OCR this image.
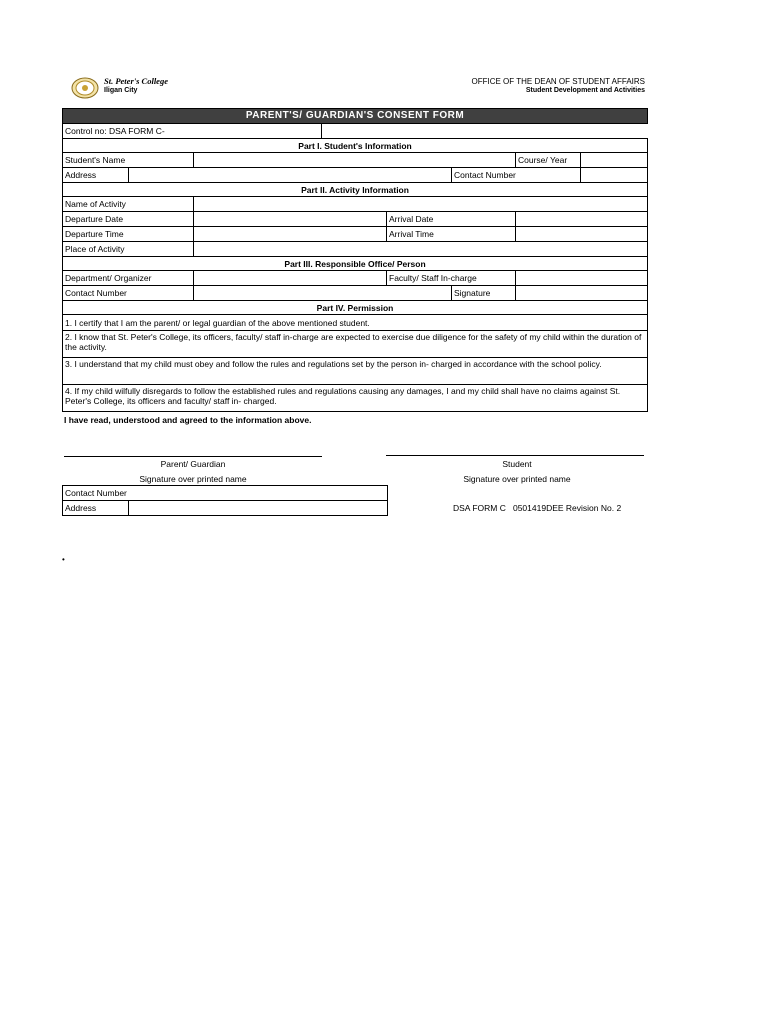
St. Peter's College
Iligan City
OFFICE OF THE DEAN OF STUDENT AFFAIRS
Student Development and Activities
PARENT'S/ GUARDIAN'S CONSENT FORM							
Control no: DSA FORM C-							
Part I. Student's Information							
Student's Name						Course/ Year	
Address					Contact Number		
Part II. Activity Information							
Name of Activity							
Departure Date				Arrival Date			
Departure Time				Arrival Time			
Place of Activity							
Part III. Responsible Office/ Person							
Department/ Organizer				Faculty/ Staff In-charge			
Contact Number					Signature		
Part IV. Permission							
1. I certify that I am the parent/ or legal guardian of the above mentioned student.							
2. I know that St. Peter's College, its officers, faculty/ staff in-charge are expected to exercise due diligence for the safety of my child within the duration of the activity.							
3. I understand that my child must obey and follow the rules and regulations set by the person in- charged in accordance with the school policy.							
4. If my child wilfully disregards to follow the established rules and regulations causing any damages, I and my child shall have no claims against St. Peter's College, its officers and faculty/ staff in- charged.							
I have read, understood and agreed to the information above.
Parent/ Guardian	Student
Signature over printed name	Signature over printed name
Contact Number
Address		DSA FORM C   0501419DEE Revision No. 2
•
